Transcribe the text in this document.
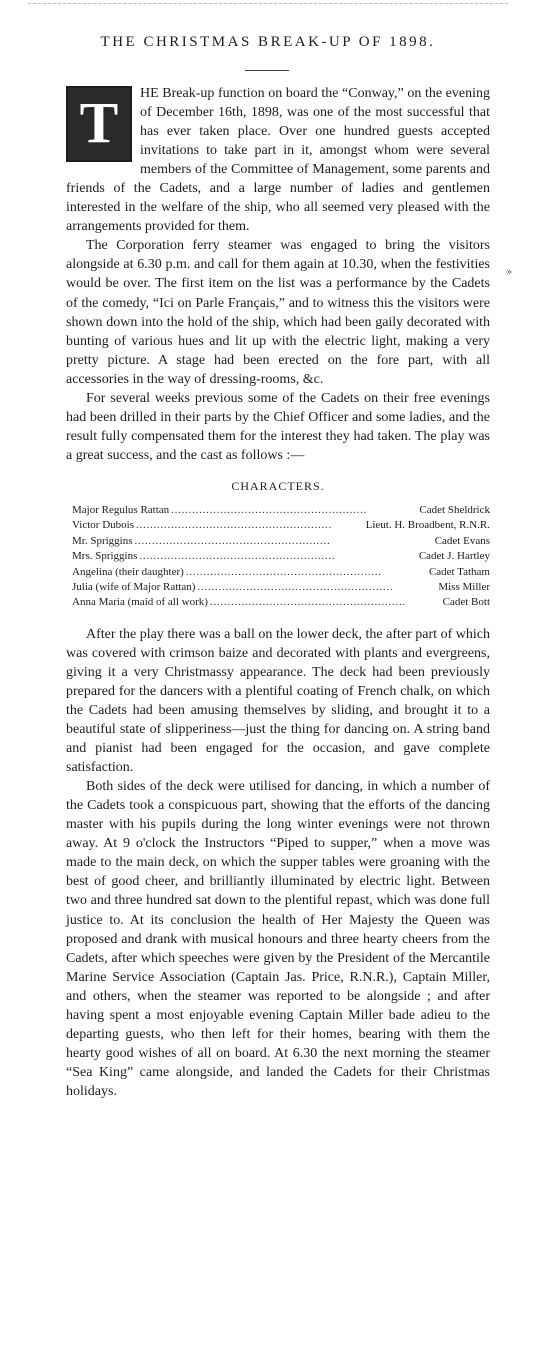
THE CHRISTMAS BREAK-UP OF 1898.
»

T	HE Break-up function on board the “Conway,” on the evening of December 16th, 1898, was one of the most successful that has ever taken place. Over one hundred guests accepted invitations to take part in it, amongst whom were several members of the Committee of Management, some parents and friends of the Cadets, and a large number of ladies and gentlemen interested in the welfare of the ship, who all seemed very pleased with the arrangements provided for them.

The Corporation ferry steamer was engaged to bring the visitors alongside at 6.30 p.m. and call for them again at 10.30, when the festivities would be over. The first item on the list was a performance by the Cadets of the comedy, “Ici on Parle Français,” and to witness this the visitors were shown down into the hold of the ship, which had been gaily decorated with bunting of various hues and lit up with the electric light, making a very pretty picture. A stage had been erected on the fore part, with all accessories in the way of dressing-rooms, &c.

For several weeks previous some of the Cadets on their free evenings had been drilled in their parts by the Chief Officer and some ladies, and the result fully compensated them for the interest they had taken. The play was a great success, and the cast as follows :—

CHARACTERS.
Major Regulus Rattan . . .	Cadet Sheldrick
Victor Dubois . . .	Lieut. H. Broadbent, R.N.R.
Mr. Spriggins . . .	Cadet Evans
Mrs. Spriggins . . .	Cadet J. Hartley
Angelina (their daughter) . . .	Cadet Tatham
Julia (wife of Major Rattan) . . .	Miss Miller
Anna Maria (maid of all work) . . .	Cadet Bott

After the play there was a ball on the lower deck, the after part of which was covered with crimson baize and decorated with plants and evergreens, giving it a very Christmassy appearance. The deck had been previously prepared for the dancers with a plentiful coating of French chalk, on which the Cadets had been amusing themselves by sliding, and brought it to a beautiful state of slipperiness—just the thing for dancing on. A string band and pianist had been engaged for the occasion, and gave complete satisfaction.

Both sides of the deck were utilised for dancing, in which a number of the Cadets took a conspicuous part, showing that the efforts of the dancing master with his pupils during the long winter evenings were not thrown away. At 9 o'clock the Instructors “Piped to supper,” when a move was made to the main deck, on which the supper tables were groaning with the best of good cheer, and brilliantly illuminated by electric light. Between two and three hundred sat down to the plentiful repast, which was done full justice to. At its conclusion the health of Her Majesty the Queen was proposed and drank with musical honours and three hearty cheers from the Cadets, after which speeches were given by the President of the Mercantile Marine Service Association (Captain Jas. Price, R.N.R.), Captain Miller, and others, when the steamer was reported to be alongside ; and after having spent a most enjoyable evening Captain Miller bade adieu to the departing guests, who then left for their homes, bearing with them the hearty good wishes of all on board. At 6.30 the next morning the steamer “Sea King” came alongside, and landed the Cadets for their Christmas holidays.
